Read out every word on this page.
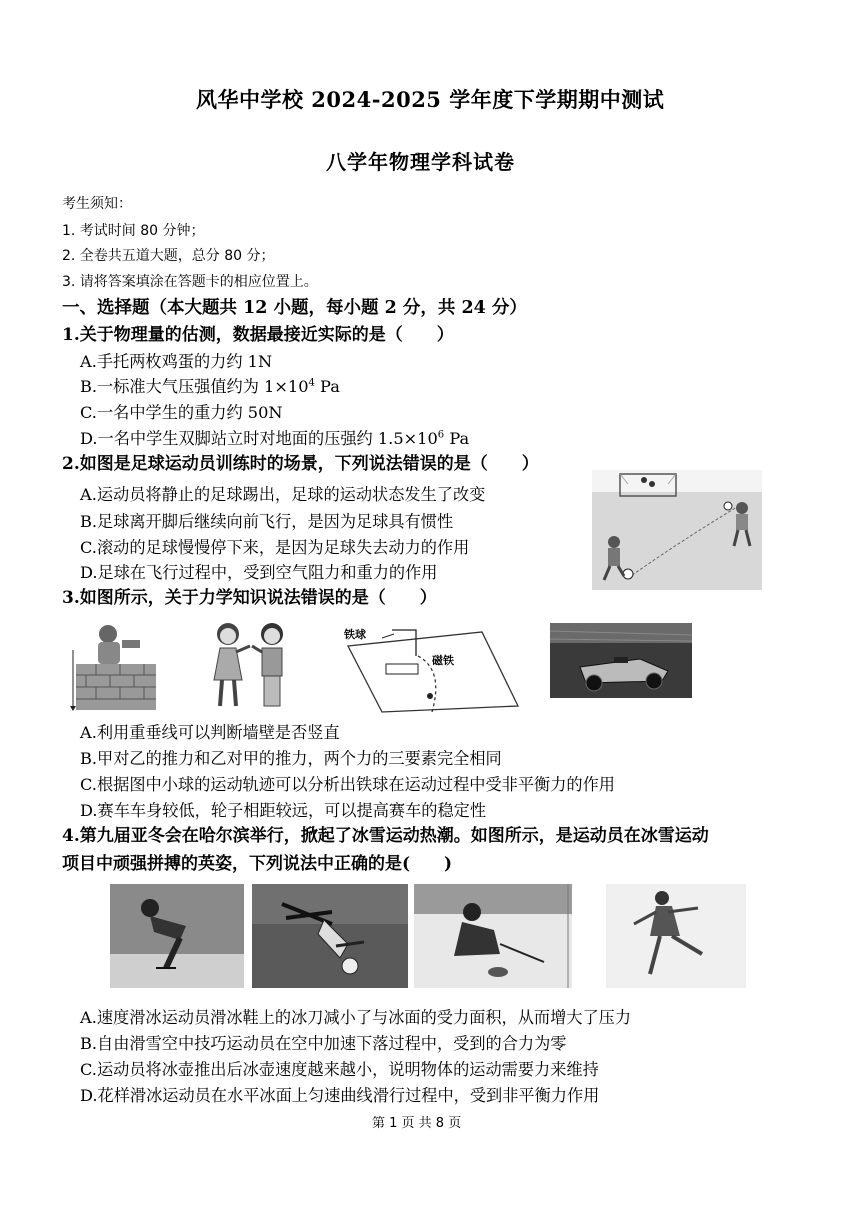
风华中学校 2024-2025 学年度下学期期中测试
八学年物理学科试卷
考生须知：
1. 考试时间 80 分钟；
2. 全卷共五道大题，总分 80 分；
3. 请将答案填涂在答题卡的相应位置上。
一、选择题（本大题共 12 小题，每小题 2 分，共 24 分）
1.关于物理量的估测，数据最接近实际的是（　　）
A.手托两枚鸡蛋的力约 1N
B.一标准大气压强值约为 $1\times 10^4$ Pa
C.一名中学生的重力约 50N
D.一名中学生双脚站立时对地面的压强约 $1.5\times 10^6$ Pa
2.如图是足球运动员训练时的场景，下列说法错误的是（　　）
A.运动员将静止的足球踢出，足球的运动状态发生了改变
B.足球离开脚后继续向前飞行，是因为足球具有惯性
C.滚动的足球慢慢停下来，是因为足球失去动力的作用
D.足球在飞行过程中，受到空气阻力和重力的作用
3.如图所示，关于力学知识说法错误的是（　　）
铁球
磁铁
A.利用重垂线可以判断墙壁是否竖直
B.甲对乙的推力和乙对甲的推力，两个力的三要素完全相同
C.根据图中小球的运动轨迹可以分析出铁球在运动过程中受非平衡力的作用
D.赛车车身较低，轮子相距较远，可以提高赛车的稳定性
4.第九届亚冬会在哈尔滨举行，掀起了冰雪运动热潮。如图所示，是运动员在冰雪运动
项目中顽强拼搏的英姿，下列说法中正确的是(　　)
A.速度滑冰运动员滑冰鞋上的冰刀减小了与冰面的受力面积，从而增大了压力
B.自由滑雪空中技巧运动员在空中加速下落过程中，受到的合力为零
C.运动员将冰壶推出后冰壶速度越来越小，说明物体的运动需要力来维持
D.花样滑冰运动员在水平冰面上匀速曲线滑行过程中，受到非平衡力作用
第 1 页 共 8 页
